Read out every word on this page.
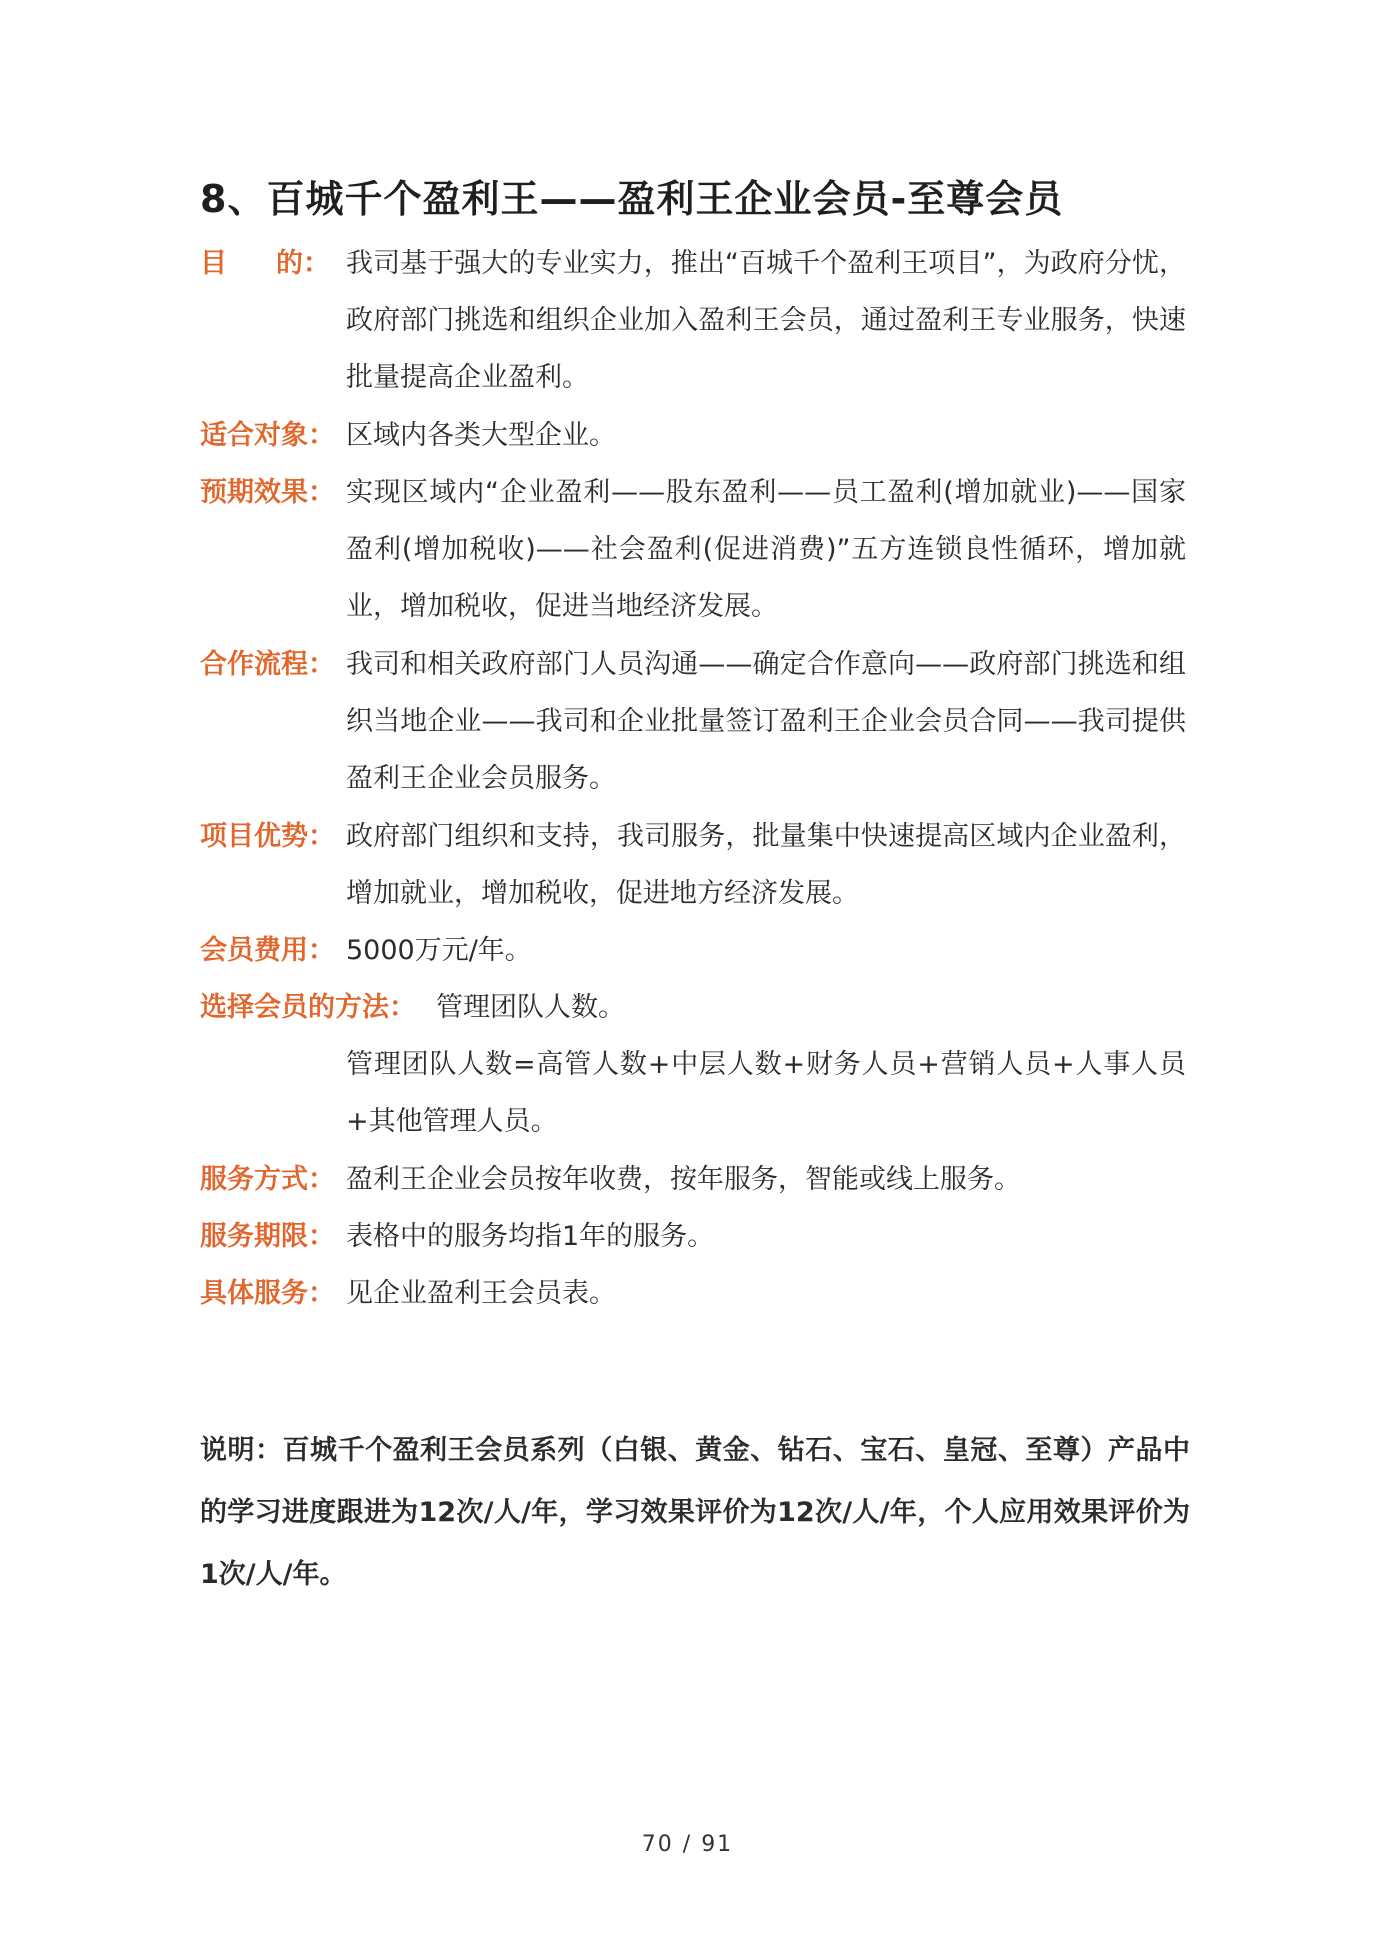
8、百城千个盈利王——盈利王企业会员-至尊会员
目 的： 我司基于强大的专业实力，推出“百城千个盈利王项目”，为政府分忧，政府部门挑选和组织企业加入盈利王会员，通过盈利王专业服务，快速批量提高企业盈利。
适合对象： 区域内各类大型企业。
预期效果： 实现区域内“企业盈利——股东盈利——员工盈利(增加就业)——国家盈利(增加税收)——社会盈利(促进消费)”五方连锁良性循环，增加就业，增加税收，促进当地经济发展。
合作流程： 我司和相关政府部门人员沟通——确定合作意向——政府部门挑选和组织当地企业——我司和企业批量签订盈利王企业会员合同——我司提供盈利王企业会员服务。
项目优势： 政府部门组织和支持，我司服务，批量集中快速提高区域内企业盈利，增加就业，增加税收，促进地方经济发展。
会员费用： 5000万元/年。
选择会员的方法： 管理团队人数。
管理团队人数=高管人数+中层人数+财务人员+营销人员+人事人员+其他管理人员。
服务方式： 盈利王企业会员按年收费，按年服务，智能或线上服务。
服务期限： 表格中的服务均指1年的服务。
具体服务： 见企业盈利王会员表。
说明：百城千个盈利王会员系列（白银、黄金、钻石、宝石、皇冠、至尊）产品中的学习进度跟进为12次/人/年，学习效果评价为12次/人/年，个人应用效果评价为1次/人/年。
70 / 91
